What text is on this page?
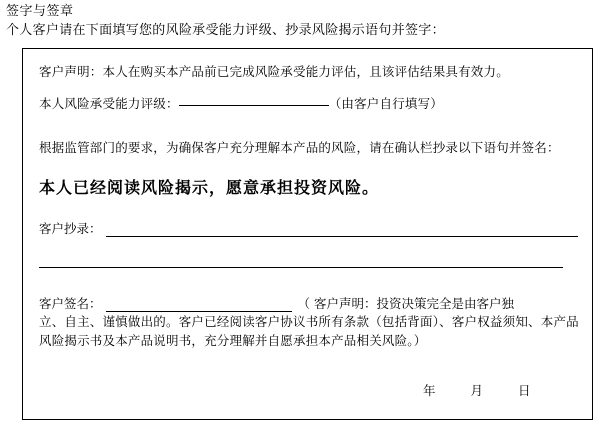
签字与签章
个人客户请在下面填写您的风险承受能力评级、抄录风险揭示语句并签字：
客户声明：本人在购买本产品前已完成风险承受能力评估，且该评估结果具有效力。
本人风险承受能力评级：	（由客户自行填写）
根据监管部门的要求，为确保客户充分理解本产品的风险，请在确认栏抄录以下语句并签名：
本人已经阅读风险揭示，愿意承担投资风险。
客户抄录：
客户签名：	（ 客户声明：投资决策完全是由客户独
立、自主、谨慎做出的。客户已经阅读客户协议书所有条款（包括背面）、客户权益须知、本产品风险揭示书及本产品说明书，充分理解并自愿承担本产品相关风险。）
年	月	日
